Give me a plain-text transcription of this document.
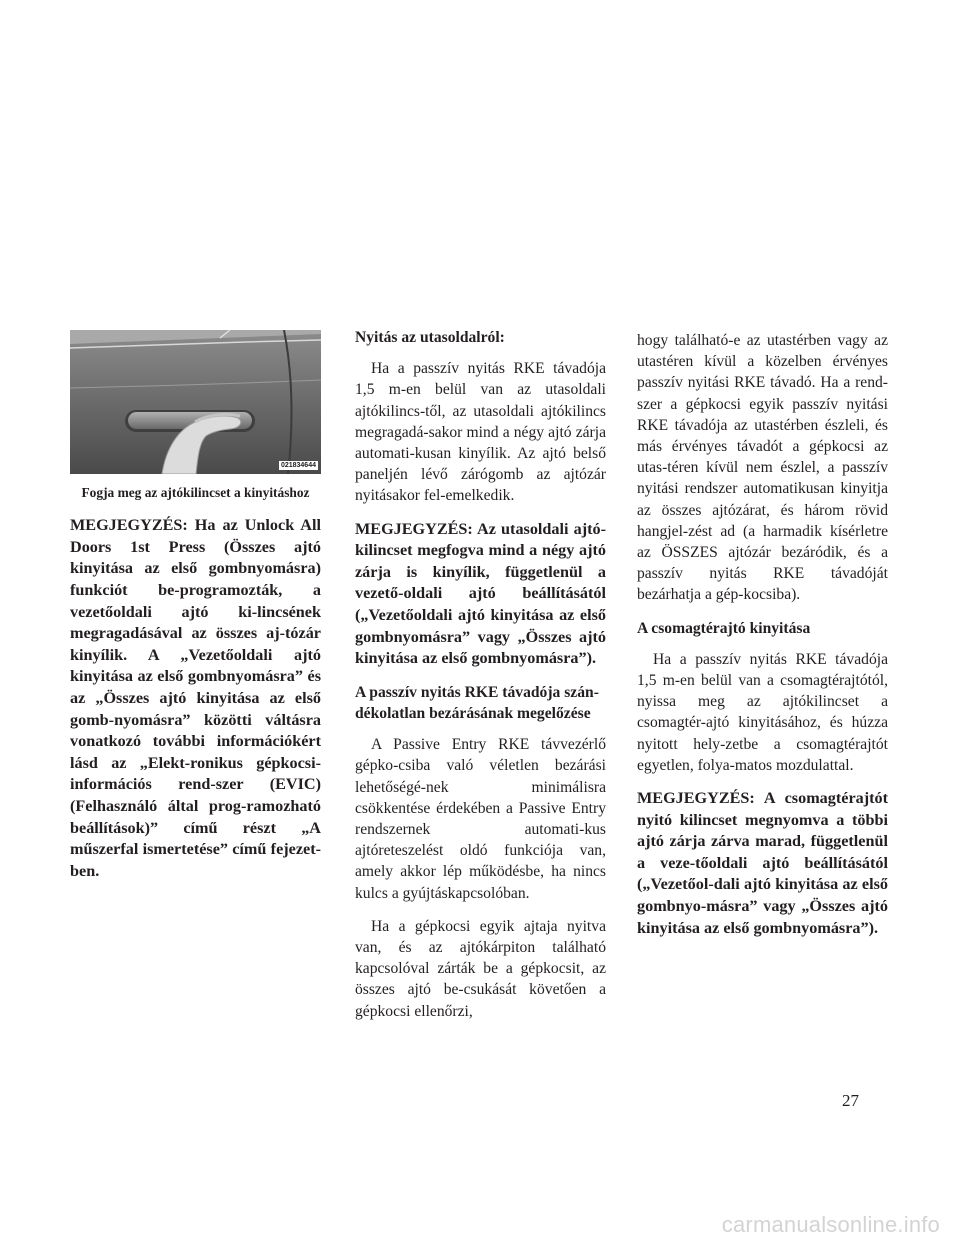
021834644
Fogja meg az ajtókilincset a kinyitáshoz

MEGJEGYZÉS: Ha az Unlock All Doors 1st Press (Összes ajtó kinyitása az első gombnyomásra) funkciót be-programozták, a vezetőoldali ajtó ki-lincsének megragadásával az összes aj-tózár kinyílik. A „Vezetőoldali ajtó kinyitása az első gombnyomásra” és az „Összes ajtó kinyitása az első gomb-nyomásra” közötti váltásra vonatkozó további információkért lásd az „Elekt-ronikus gépkocsi-információs rend-szer (EVIC) (Felhasználó által prog-ramozható beállítások)” című részt „A műszerfal ismertetése” című fejezet-ben.

Nyitás az utasoldalról:

Ha a passzív nyitás RKE távadója 1,5 m-en belül van az utasoldali ajtókilincs-től, az utasoldali ajtókilincs megragadá-sakor mind a négy ajtó zárja automati-kusan kinyílik. Az ajtó belső paneljén lévő zárógomb az ajtózár nyitásakor fel-emelkedik.

MEGJEGYZÉS: Az utasoldali ajtó-kilincset megfogva mind a négy ajtó zárja is kinyílik, függetlenül a vezető-oldali ajtó beállításától („Vezetőoldali ajtó kinyitása az első gombnyomásra” vagy „Összes ajtó kinyitása az első gombnyomásra”).

A passzív nyitás RKE távadója szán-dékolatlan bezárásának megelőzése

A Passive Entry RKE távvezérlő gépko-csiba való véletlen bezárási lehetőségé-nek minimálisra csökkentése érdekében a Passive Entry rendszernek automati-kus ajtóreteszelést oldó funkciója van, amely akkor lép működésbe, ha nincs kulcs a gyújtáskapcsolóban.

Ha a gépkocsi egyik ajtaja nyitva van, és az ajtókárpiton található kapcsolóval zárták be a gépkocsit, az összes ajtó be-csukását követően a gépkocsi ellenőrzi,

hogy található-e az utastérben vagy az utastéren kívül a közelben érvényes passzív nyitási RKE távadó. Ha a rend-szer a gépkocsi egyik passzív nyitási RKE távadója az utastérben észleli, és más érvényes távadót a gépkocsi az utas-téren kívül nem észlel, a passzív nyitási rendszer automatikusan kinyitja az összes ajtózárat, és három rövid hangjel-zést ad (a harmadik kísérletre az ÖSSZES ajtózár bezáródik, és a passzív nyitás RKE távadóját bezárhatja a gép-kocsiba).

A csomagtérajtó kinyitása

Ha a passzív nyitás RKE távadója 1,5 m-en belül van a csomagtérajtótól, nyissa meg az ajtókilincset a csomagtér-ajtó kinyitásához, és húzza nyitott hely-zetbe a csomagtérajtót egyetlen, folya-matos mozdulattal.

MEGJEGYZÉS: A csomagtérajtót nyitó kilincset megnyomva a többi ajtó zárja zárva marad, függetlenül a veze-tőoldali ajtó beállításától („Vezetőol-dali ajtó kinyitása az első gombnyo-másra” vagy „Összes ajtó kinyitása az első gombnyomásra”).

27
carmanualsonline.info
